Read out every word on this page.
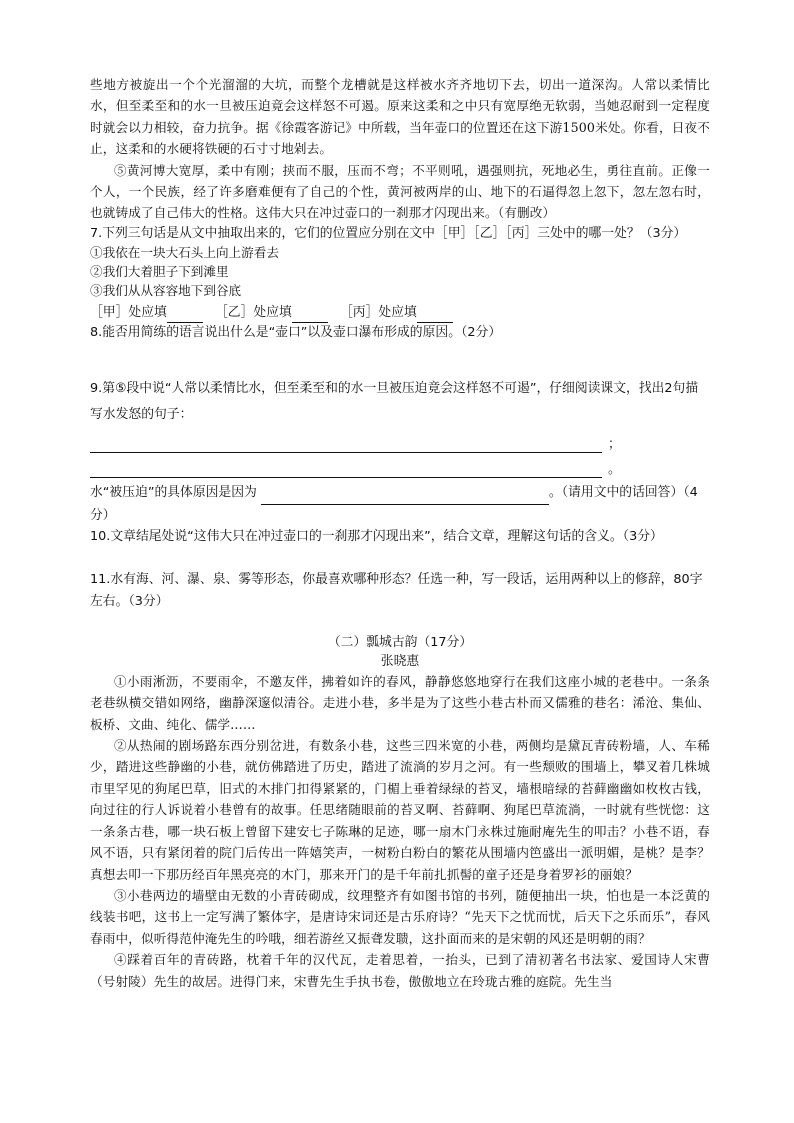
些地方被旋出一个个光溜溜的大坑，而整个龙槽就是这样被水齐齐地切下去，切出一道深沟。人常以柔情比水，但至柔至和的水一旦被压迫竟会这样怒不可遏。原来这柔和之中只有宽厚绝无软弱，当她忍耐到一定程度时就会以力相较，奋力抗争。据《徐霞客游记》中所载，当年壶口的位置还在这下游1500米处。你看，日夜不止，这柔和的水硬将铁硬的石寸寸地剁去。

⑤黄河博大宽厚，柔中有刚；挟而不服，压而不弯；不平则吼，遇强则抗，死地必生，勇往直前。正像一个人，一个民族，经了许多磨难便有了自己的个性，黄河被两岸的山、地下的石逼得忽上忽下，忽左忽右时，也就铸成了自己伟大的性格。这伟大只在冲过壶口的一刹那才闪现出来。（有删改）

7.下列三句话是从文中抽取出来的，它们的位置应分别在文中［甲］［乙］［丙］三处中的哪一处？（3分）

①我依在一块大石头上向上游看去

②我们大着胆子下到滩里

③我们从从容容地下到谷底

［甲］处应填	［乙］处应填	［丙］处应填

8.能否用简练的语言说出什么是“壶口”以及壶口瀑布形成的原因。（2分）

9.第⑤段中说“人常以柔情比水，但至柔至和的水一旦被压迫竟会这样怒不可遏”，仔细阅读课文，找出2句描写水发怒的句子：

；
。

水“被压迫”的具体原因是因为	。（请用文中的话回答）（4分）

10.文章结尾处说“这伟大只在冲过壶口的一刹那才闪现出来”，结合文章，理解这句话的含义。（3分）

11.水有海、河、瀑、泉、雾等形态，你最喜欢哪种形态？任选一种，写一段话，运用两种以上的修辞，80字左右。（3分）

（二）瓢城古韵（17分）

张晓惠

①小雨淅沥，不要雨伞，不邀友伴，拂着如许的春风，静静悠悠地穿行在我们这座小城的老巷中。一条条老巷纵横交错如网络，幽静深邃似清谷。走进小巷，多半是为了这些小巷古朴而又儒雅的巷名：浠沧、集仙、板桥、文曲、纯化、儒学……

②从热闹的剧场路东西分别岔进，有数条小巷，这些三四米宽的小巷，两侧均是黛瓦青砖粉墙，人、车稀少，踏进这些静幽的小巷，就仿佛踏进了历史，踏进了流淌的岁月之河。有一些颓败的围墙上，攀叉着几株城市里罕见的狗尾巴草，旧式的木排门扣得紧紧的，门楣上垂着绿绿的苔叉，墙根暗绿的苔藓幽幽如枚枚古钱，向过往的行人诉说着小巷曾有的故事。任思绪随眼前的苔叉啊、苔藓啊、狗尾巴草流淌，一时就有些恍惚：这一条条古巷，哪一块石板上曾留下建安七子陈琳的足迹，哪一扇木门永株过施耐庵先生的叩击？小巷不语，春风不语，只有紧闭着的院门后传出一阵嬉笑声，一树粉白粉白的繁花从围墙内笆盛出一派明媚，是桃？是李？真想去叩一下那历经百年黑亮亮的木门，那来开门的是千年前扎抓髻的童子还是身着罗衫的丽娘？

③小巷两边的墙壁由无数的小青砖砌成，纹理整齐有如图书馆的书列，随便抽出一块，怕也是一本泛黄的线装书吧，这书上一定写满了繁体字，是唐诗宋词还是古乐府诗？“先天下之忧而忧，后天下之乐而乐”，春风春雨中，似听得范仲淹先生的吟哦，细若游丝又振聋发聩，这扑面而来的是宋朝的风还是明朝的雨？

④踩着百年的青砖路，枕着千年的汉代瓦，走着思着，一抬头，已到了清初著名书法家、爱国诗人宋曹（号射陵）先生的故居。进得门来，宋曹先生手执书卷，傲傲地立在玲珑古雅的庭院。先生当
